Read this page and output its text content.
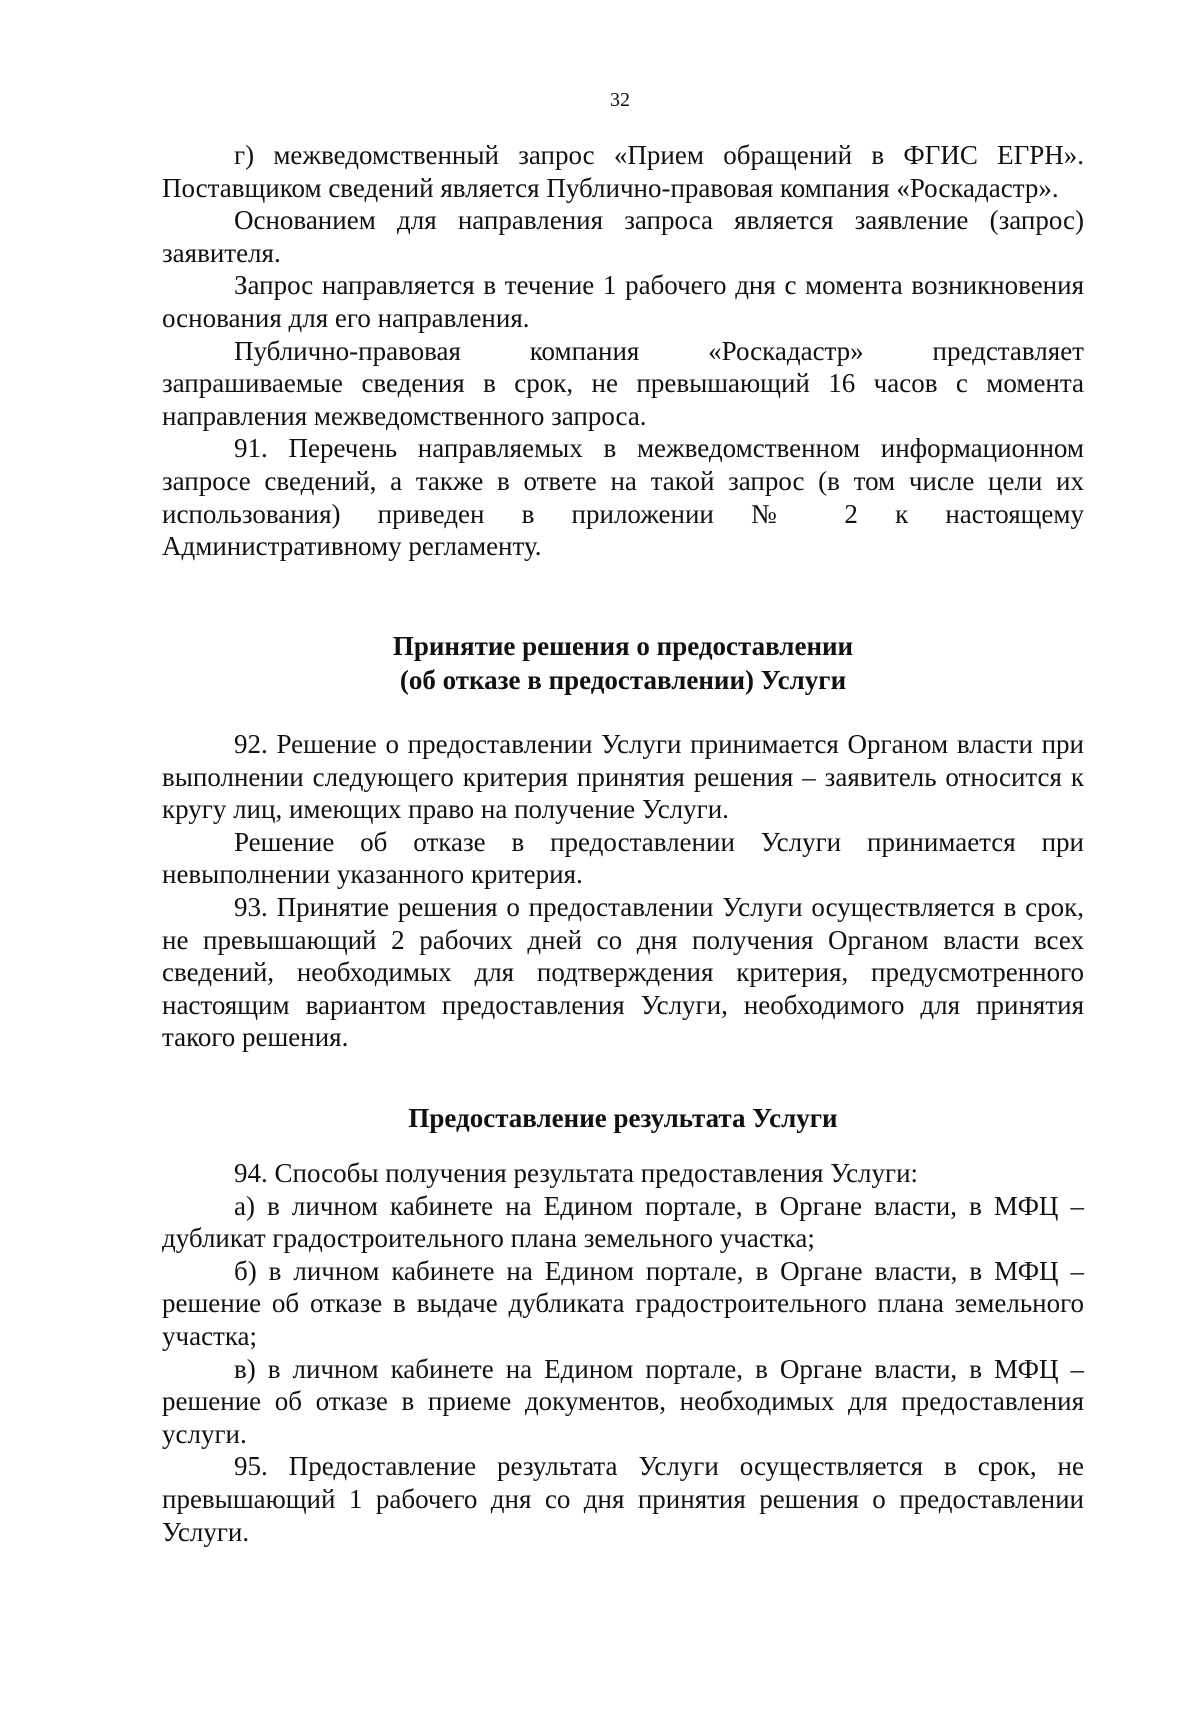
32

г) межведомственный запрос «Прием обращений в ФГИС ЕГРН». Поставщиком сведений является Публично-правовая компания «Роскадастр».

Основанием для направления запроса является заявление (запрос) заявителя.

Запрос направляется в течение 1 рабочего дня с момента возникновения основания для его направления.

Публично-правовая компания «Роскадастр» представляет запрашиваемые сведения в срок, не превышающий 16 часов с момента направления межведомственного запроса.

91. Перечень направляемых в межведомственном информационном запросе сведений, а также в ответе на такой запрос (в том числе цели их использования) приведен в приложении № 2 к настоящему Административному регламенту.

Принятие решения о предоставлении
(об отказе в предоставлении) Услуги

92. Решение о предоставлении Услуги принимается Органом власти при выполнении следующего критерия принятия решения – заявитель относится к кругу лиц, имеющих право на получение Услуги.

Решение об отказе в предоставлении Услуги принимается при невыполнении указанного критерия.

93. Принятие решения о предоставлении Услуги осуществляется в срок, не превышающий 2 рабочих дней со дня получения Органом власти всех сведений, необходимых для подтверждения критерия, предусмотренного настоящим вариантом предоставления Услуги, необходимого для принятия такого решения.

Предоставление результата Услуги

94. Способы получения результата предоставления Услуги:

а) в личном кабинете на Едином портале, в Органе власти, в МФЦ – дубликат градостроительного плана земельного участка;

б) в личном кабинете на Едином портале, в Органе власти, в МФЦ – решение об отказе в выдаче дубликата градостроительного плана земельного участка;

в) в личном кабинете на Едином портале, в Органе власти, в МФЦ – решение об отказе в приеме документов, необходимых для предоставления услуги.

95. Предоставление результата Услуги осуществляется в срок, не превышающий 1 рабочего дня со дня принятия решения о предоставлении Услуги.
